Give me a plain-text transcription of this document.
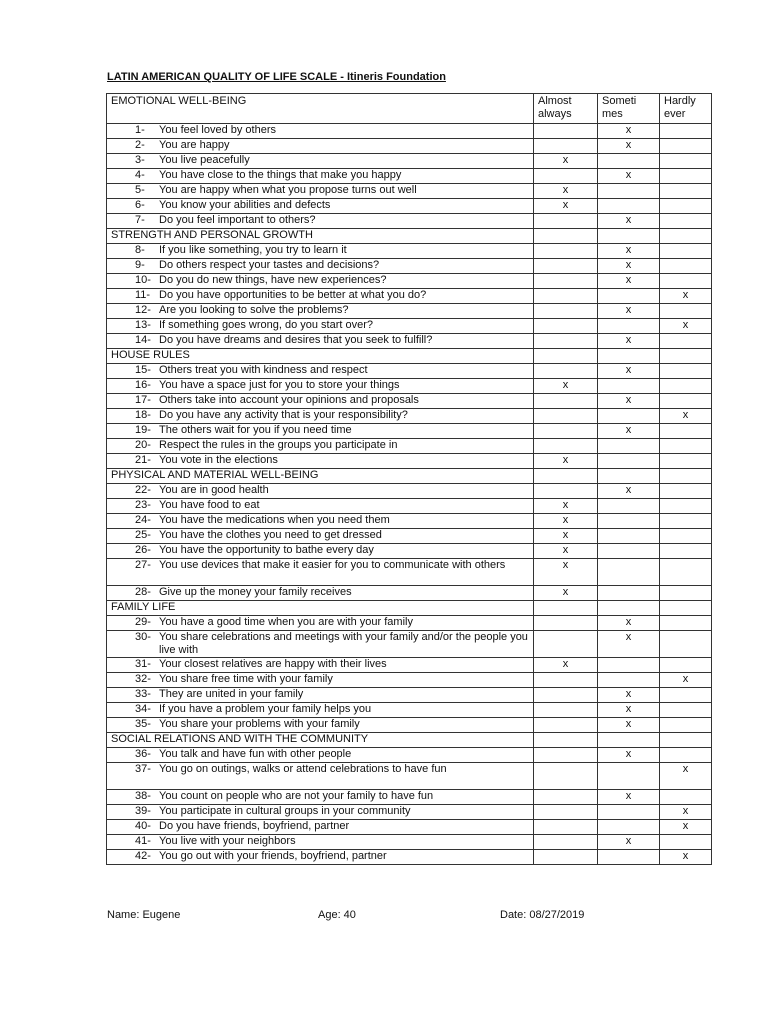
LATIN AMERICAN QUALITY OF LIFE SCALE - Itineris Foundation
EMOTIONAL WELL-BEING	Almost always	Someti mes	Hardly ever

1- You feel loved by others		x	

2- You are happy		x	

3- You live peacefully	x		

4- You have close to the things that make you happy		x	

5- You are happy when what you propose turns out well	x		

6- You know your abilities and defects	x		

7- Do you feel important to others?		x	
STRENGTH AND PERSONAL GROWTH			

8- If you like something, you try to learn it		x	

9- Do others respect your tastes and decisions?		x	

10- Do you do new things, have new experiences?		x	

11- Do you have opportunities to be better at what you do?			x

12- Are you looking to solve the problems?		x	

13- If something goes wrong, do you start over?			x

14- Do you have dreams and desires that you seek to fulfill?		x	
HOUSE RULES			

15- Others treat you with kindness and respect		x	

16- You have a space just for you to store your things	x		

17- Others take into account your opinions and proposals		x	

18- Do you have any activity that is your responsibility?			x

19- The others wait for you if you need time		x	

20- Respect the rules in the groups you participate in			

21- You vote in the elections	x		
PHYSICAL AND MATERIAL WELL-BEING			

22- You are in good health		x	

23- You have food to eat	x		

24- You have the medications when you need them	x		

25- You have the clothes you need to get dressed	x		

26- You have the opportunity to bathe every day	x		

27- You use devices that make it easier for you to communicate with others	x		

28- Give up the money your family receives	x		
FAMILY LIFE			

29- You have a good time when you are with your family		x	

30- You share celebrations and meetings with your family and/or the people you live with		x	

31- Your closest relatives are happy with their lives	x		

32- You share free time with your family			x

33- They are united in your family		x	

34- If you have a problem your family helps you		x	

35- You share your problems with your family		x	
SOCIAL RELATIONS AND WITH THE COMMUNITY			

36- You talk and have fun with other people		x	

37- You go on outings, walks or attend celebrations to have fun			x

38- You count on people who are not your family to have fun		x	

39- You participate in cultural groups in your community			x

40- Do you have friends, boyfriend, partner			x

41- You live with your neighbors		x	

42- You go out with your friends, boyfriend, partner			x
Name: Eugene	Age: 40	Date: 08/27/2019
